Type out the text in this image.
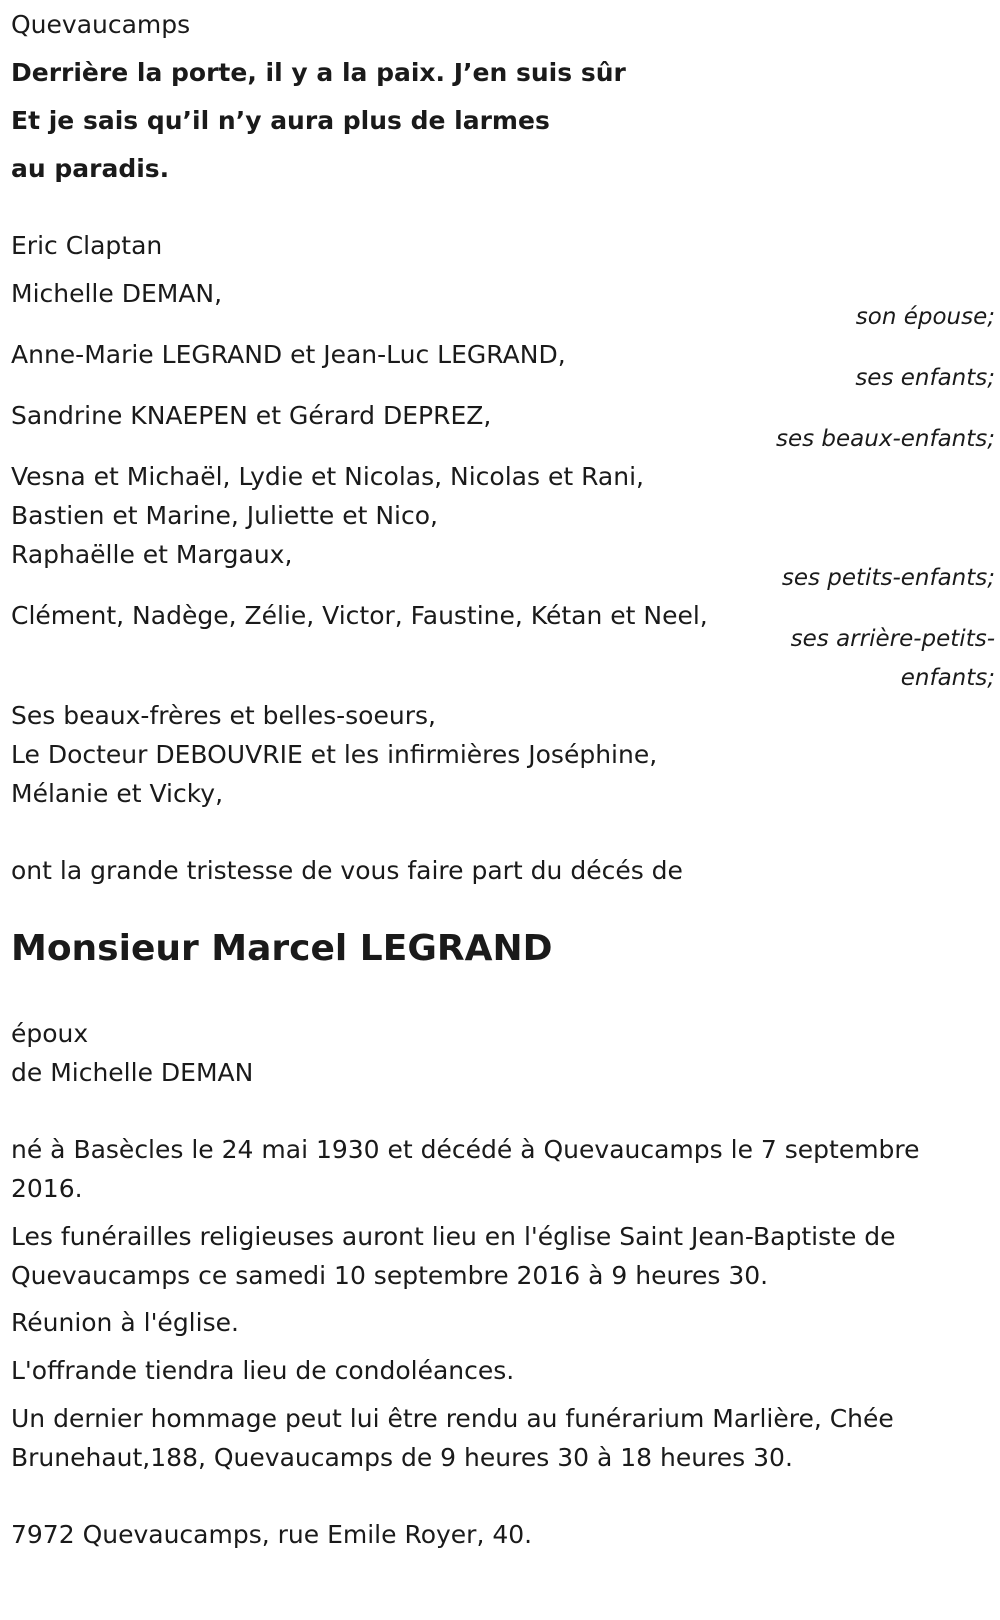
Quevaucamps

Derrière la porte, il y a la paix. J’en suis sûr

Et je sais qu’il n’y aura plus de larmes

au paradis.

Eric Claptan

Michelle DEMAN,

son épouse;

Anne-Marie LEGRAND et Jean-Luc LEGRAND,

ses enfants;

Sandrine KNAEPEN et Gérard DEPREZ,

ses beaux-enfants;

Vesna et Michaël, Lydie et Nicolas, Nicolas et Rani,

Bastien et Marine, Juliette et Nico,

Raphaëlle et Margaux,

ses petits-enfants;

Clément, Nadège, Zélie, Victor, Faustine, Kétan et Neel,

ses arrière-petits-

enfants;

Ses beaux-frères et belles-soeurs,

Le Docteur DEBOUVRIE et les infirmières Joséphine,

Mélanie et Vicky,

ont la grande tristesse de vous faire part du décés de

Monsieur Marcel LEGRAND

époux

de Michelle DEMAN

né à Basècles le 24 mai 1930 et décédé à Quevaucamps le 7 septembre

2016.

Les funérailles religieuses auront lieu en l'église Saint Jean-Baptiste de

Quevaucamps ce samedi 10 septembre 2016 à 9 heures 30.

Réunion à l'église.

L'offrande tiendra lieu de condoléances.

Un dernier hommage peut lui être rendu au funérarium Marlière, Chée

Brunehaut,188, Quevaucamps de 9 heures 30 à 18 heures 30.

7972 Quevaucamps, rue Emile Royer, 40.
